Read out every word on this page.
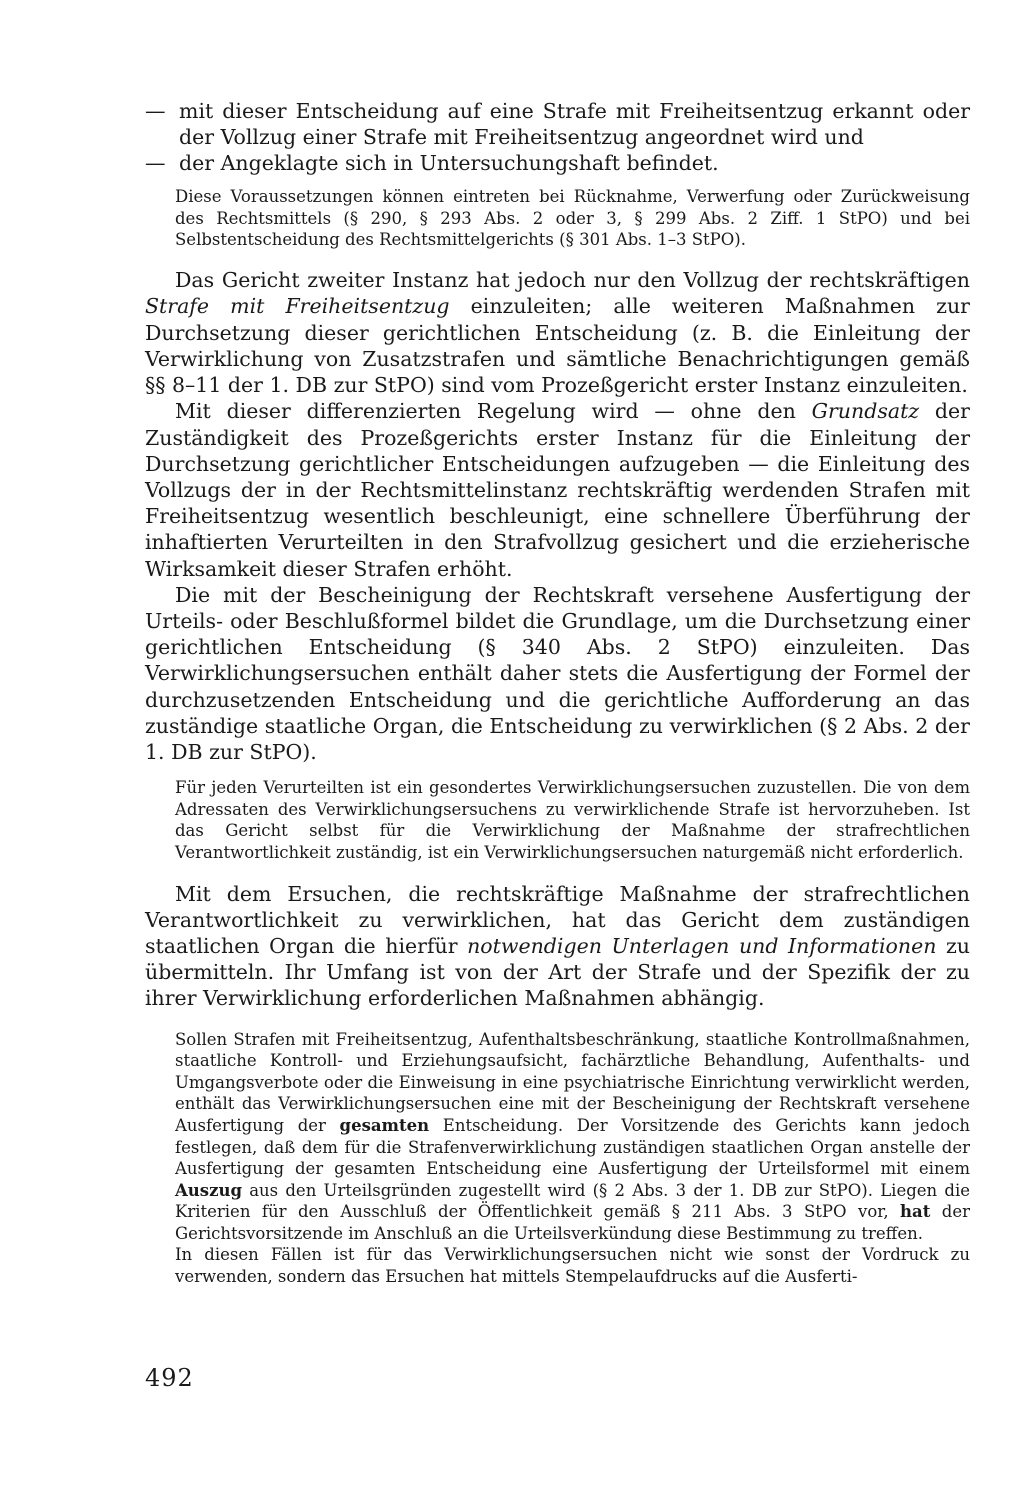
— mit dieser Entscheidung auf eine Strafe mit Freiheitsentzug erkannt oder der Vollzug einer Strafe mit Freiheitsentzug angeordnet wird und
— der Angeklagte sich in Untersuchungshaft befindet.

Diese Voraussetzungen können eintreten bei Rücknahme, Verwerfung oder Zurückweisung des Rechtsmittels (§ 290, § 293 Abs. 2 oder 3, § 299 Abs. 2 Ziff. 1 StPO) und bei Selbstentscheidung des Rechtsmittelgerichts (§ 301 Abs. 1–3 StPO).

Das Gericht zweiter Instanz hat jedoch nur den Vollzug der rechtskräftigen Strafe mit Freiheitsentzug einzuleiten; alle weiteren Maßnahmen zur Durchsetzung dieser gerichtlichen Entscheidung (z. B. die Einleitung der Verwirklichung von Zusatzstrafen und sämtliche Benachrichtigungen gemäß §§ 8–11 der 1. DB zur StPO) sind vom Prozeßgericht erster Instanz einzuleiten.

Mit dieser differenzierten Regelung wird — ohne den Grundsatz der Zuständigkeit des Prozeßgerichts erster Instanz für die Einleitung der Durchsetzung gerichtlicher Entscheidungen aufzugeben — die Einleitung des Vollzugs der in der Rechtsmittelinstanz rechtskräftig werdenden Strafen mit Freiheitsentzug wesentlich beschleunigt, eine schnellere Überführung der inhaftierten Verurteilten in den Strafvollzug gesichert und die erzieherische Wirksamkeit dieser Strafen erhöht.

Die mit der Bescheinigung der Rechtskraft versehene Ausfertigung der Urteils- oder Beschlußformel bildet die Grundlage, um die Durchsetzung einer gerichtlichen Entscheidung (§ 340 Abs. 2 StPO) einzuleiten. Das Verwirklichungsersuchen enthält daher stets die Ausfertigung der Formel der durchzusetzenden Entscheidung und die gerichtliche Aufforderung an das zuständige staatliche Organ, die Entscheidung zu verwirklichen (§ 2 Abs. 2 der 1. DB zur StPO).

Für jeden Verurteilten ist ein gesondertes Verwirklichungsersuchen zuzustellen. Die von dem Adressaten des Verwirklichungsersuchens zu verwirklichende Strafe ist hervorzuheben. Ist das Gericht selbst für die Verwirklichung der Maßnahme der strafrechtlichen Verantwortlichkeit zuständig, ist ein Verwirklichungsersuchen naturgemäß nicht erforderlich.

Mit dem Ersuchen, die rechtskräftige Maßnahme der strafrechtlichen Verantwortlichkeit zu verwirklichen, hat das Gericht dem zuständigen staatlichen Organ die hierfür notwendigen Unterlagen und Informationen zu übermitteln. Ihr Umfang ist von der Art der Strafe und der Spezifik der zu ihrer Verwirklichung erforderlichen Maßnahmen abhängig.

Sollen Strafen mit Freiheitsentzug, Aufenthaltsbeschränkung, staatliche Kontrollmaßnahmen, staatliche Kontroll- und Erziehungsaufsicht, fachärztliche Behandlung, Aufenthalts- und Umgangsverbote oder die Einweisung in eine psychiatrische Einrichtung verwirklicht werden, enthält das Verwirklichungsersuchen eine mit der Bescheinigung der Rechtskraft versehene Ausfertigung der gesamten Entscheidung. Der Vorsitzende des Gerichts kann jedoch festlegen, daß dem für die Strafenverwirklichung zuständigen staatlichen Organ anstelle der Ausfertigung der gesamten Entscheidung eine Ausfertigung der Urteilsformel mit einem Auszug aus den Urteilsgründen zugestellt wird (§ 2 Abs. 3 der 1. DB zur StPO). Liegen die Kriterien für den Ausschluß der Öffentlichkeit gemäß § 211 Abs. 3 StPO vor, hat der Gerichtsvorsitzende im Anschluß an die Urteilsverkündung diese Bestimmung zu treffen.

In diesen Fällen ist für das Verwirklichungsersuchen nicht wie sonst der Vordruck zu verwenden, sondern das Ersuchen hat mittels Stempelaufdrucks auf die Ausferti-

492
